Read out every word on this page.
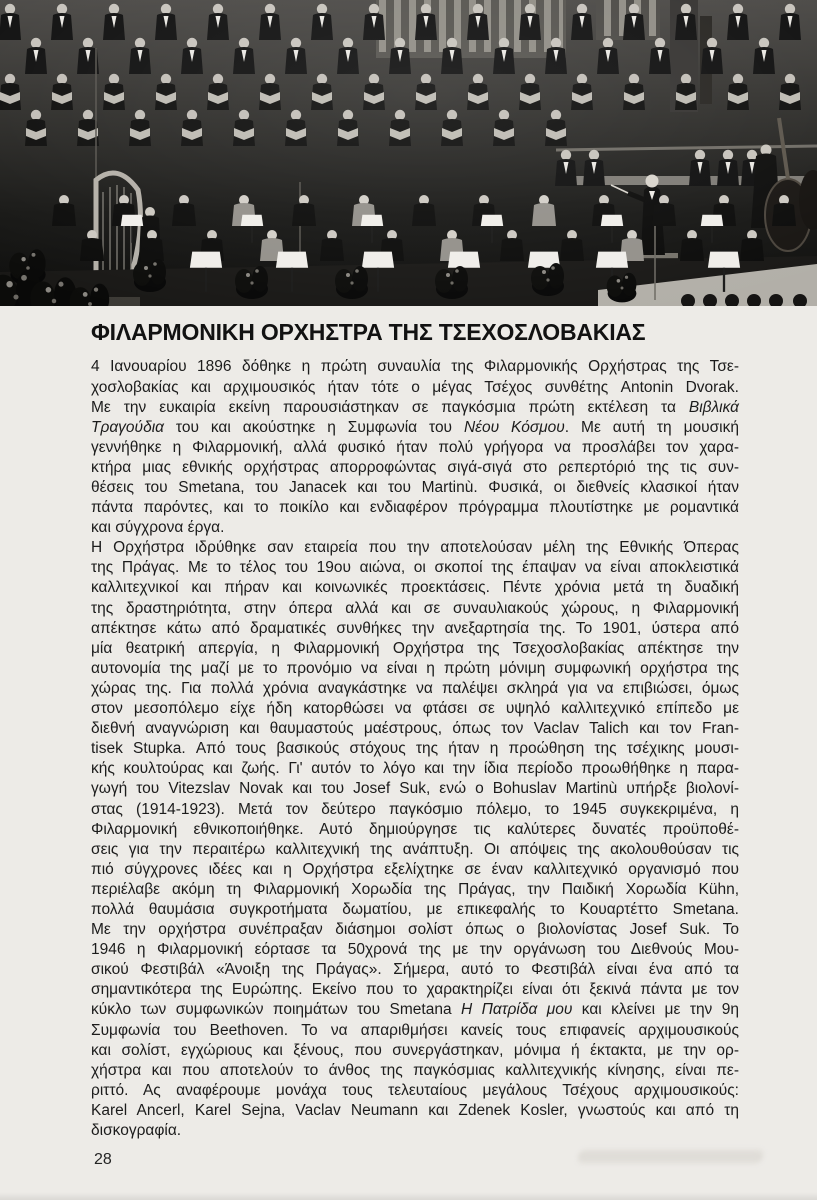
ΦΙΛΑΡΜΟΝΙΚΗ ΟΡΧΗΣΤΡΑ ΤΗΣ ΤΣΕΧΟΣΛΟΒΑΚΙΑΣ
4 Ιανουαρίου 1896 δόθηκε η πρώτη συναυλία της Φιλαρμονικής Ορχήστρας της Τσε-
χοσλοβακίας και αρχιμουσικός ήταν τότε ο μέγας Τσέχος συνθέτης Antonin Dvorak.
Με την ευκαιρία εκείνη παρουσιάστηκαν σε παγκόσμια πρώτη εκτέλεση τα Βιβλικά
Τραγούδια του και ακούστηκε η Συμφωνία του Νέου Κόσμου. Με αυτή τη μουσική
γεννήθηκε η Φιλαρμονική, αλλά φυσικό ήταν πολύ γρήγορα να προσλάβει τον χαρα-
κτήρα μιας εθνικής ορχήστρας απορροφώντας σιγά-σιγά στο ρεπερτόριό της τις συν-
θέσεις του Smetana, του Janacek και του Martinù. Φυσικά, οι διεθνείς κλασικοί ήταν
πάντα παρόντες, και το ποικίλο και ενδιαφέρον πρόγραμμα πλουτίστηκε με ρομαντικά
και σύγχρονα έργα.
Η Ορχήστρα ιδρύθηκε σαν εταιρεία που την αποτελούσαν μέλη της Εθνικής Όπερας
της Πράγας. Με το τέλος του 19ου αιώνα, οι σκοποί της έπαψαν να είναι αποκλειστικά
καλλιτεχνικοί και πήραν και κοινωνικές προεκτάσεις. Πέντε χρόνια μετά τη δυαδική
της δραστηριότητα, στην όπερα αλλά και σε συναυλιακούς χώρους, η Φιλαρμονική
απέκτησε κάτω από δραματικές συνθήκες την ανεξαρτησία της. Το 1901, ύστερα από
μία θεατρική απεργία, η Φιλαρμονική Ορχήστρα της Τσεχοσλοβακίας απέκτησε την
αυτονομία της μαζί με το προνόμιο να είναι η πρώτη μόνιμη συμφωνική ορχήστρα της
χώρας της. Για πολλά χρόνια αναγκάστηκε να παλέψει σκληρά για να επιβιώσει, όμως
στον μεσοπόλεμο είχε ήδη κατορθώσει να φτάσει σε υψηλό καλλιτεχνικό επίπεδο με
διεθνή αναγνώριση και θαυμαστούς μαέστρους, όπως τον Vaclav Talich και τον Fran-
tisek Stupka. Από τους βασικούς στόχους της ήταν η προώθηση της τσέχικης μουσι-
κής κουλτούρας και ζωής. Γι' αυτόν το λόγο και την ίδια περίοδο προωθήθηκε η παρα-
γωγή του Vitezslav Novak και του Josef Suk, ενώ ο Bohuslav Martinù υπήρξε βιολονί-
στας (1914-1923). Μετά τον δεύτερο παγκόσμιο πόλεμο, το 1945 συγκεκριμένα, η
Φιλαρμονική εθνικοποιήθηκε. Αυτό δημιούργησε τις καλύτερες δυνατές προϋποθέ-
σεις για την περαιτέρω καλλιτεχνική της ανάπτυξη. Οι απόψεις της ακολουθούσαν τις
πιό σύγχρονες ιδέες και η Ορχήστρα εξελίχτηκε σε έναν καλλιτεχνικό οργανισμό που
περιέλαβε ακόμη τη Φιλαρμονική Χορωδία της Πράγας, την Παιδική Χορωδία Kühn,
πολλά θαυμάσια συγκροτήματα δωματίου, με επικεφαλής το Κουαρτέττο Smetana.
Με την ορχήστρα συνέπραξαν διάσημοι σολίστ όπως ο βιολονίστας Josef Suk. Το
1946 η Φιλαρμονική εόρτασε τα 50χρονά της με την οργάνωση του Διεθνούς Μου-
σικού Φεστιβάλ «Άνοιξη της Πράγας». Σήμερα, αυτό το Φεστιβάλ είναι ένα από τα
σημαντικότερα της Ευρώπης. Εκείνο που το χαρακτηρίζει είναι ότι ξεκινά πάντα με τον
κύκλο των συμφωνικών ποιημάτων του Smetana Η Πατρίδα μου και κλείνει με την 9η
Συμφωνία του Beethoven. Το να απαριθμήσει κανείς τους επιφανείς αρχιμουσικούς
και σολίστ, εγχώριους και ξένους, που συνεργάστηκαν, μόνιμα ή έκτακτα, με την ορ-
χήστρα και που αποτελούν το άνθος της παγκόσμιας καλλιτεχνικής κίνησης, είναι πε-
ριττό. Ας αναφέρουμε μονάχα τους τελευταίους μεγάλους Τσέχους αρχιμουσικούς:
Karel Ancerl, Karel Sejna, Vaclav Neumann και Zdenek Kosler, γνωστούς και από τη
δισκογραφία.
28
